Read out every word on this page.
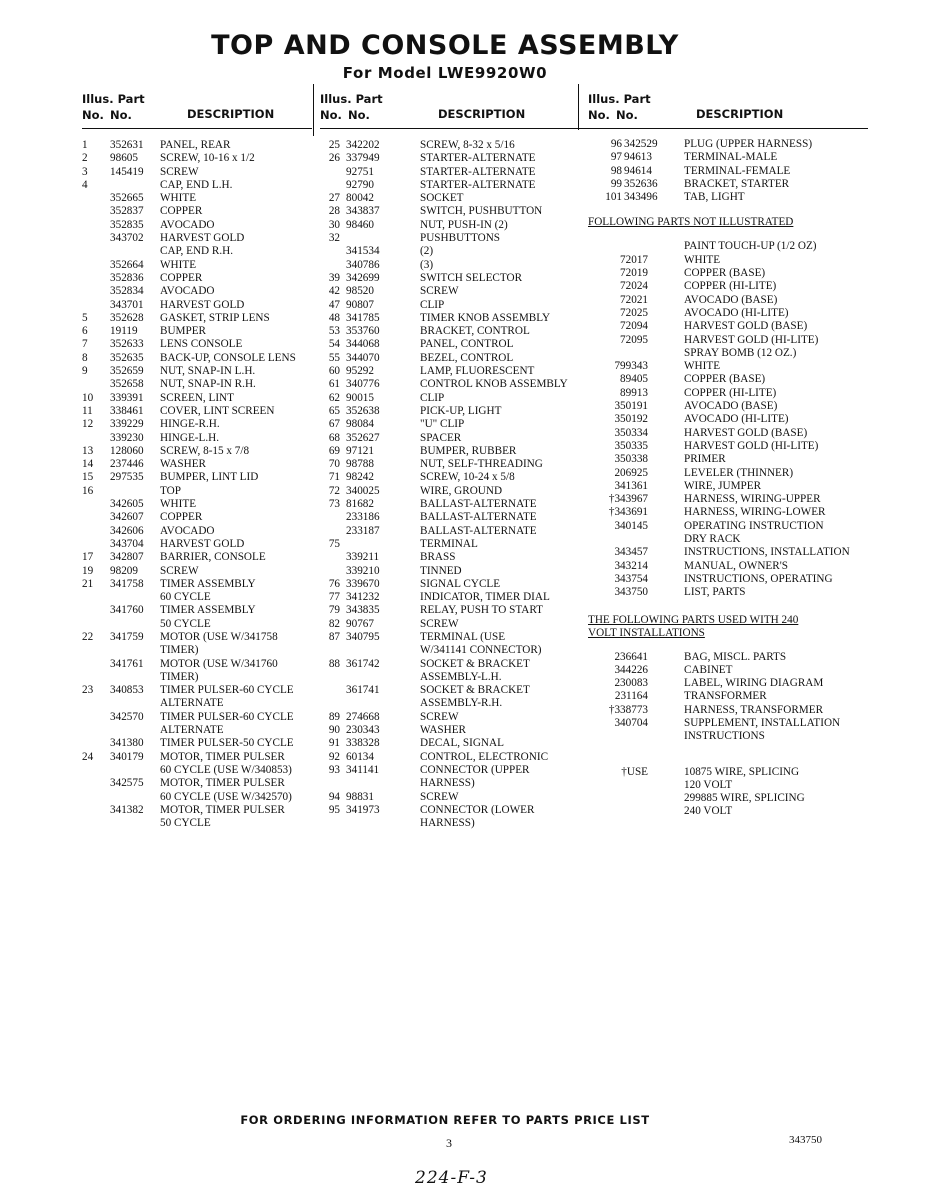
TOP AND CONSOLE ASSEMBLY
For Model LWE9920W0
Illus. Part
No. No.	DESCRIPTION
1	352631 PANEL, REAR
2	98605 SCREW, 10-16 x 1/2
3	145419 SCREW
4	CAP, END L.H.
352665 WHITE
352837 COPPER
352835 AVOCADO
343702 HARVEST GOLD
CAP, END R.H.
352664 WHITE
352836 COPPER
352834 AVOCADO
343701 HARVEST GOLD
5	352628 GASKET, STRIP LENS
6	19119 BUMPER
7	352633 LENS CONSOLE
8	352635 BACK-UP, CONSOLE LENS
9	352659 NUT, SNAP-IN L.H.
352658 NUT, SNAP-IN R.H.
10	339391 SCREEN, LINT
11	338461 COVER, LINT SCREEN
12	339229 HINGE-R.H.
339230 HINGE-L.H.
13	128060 SCREW, 8-15 x 7/8
14	237446 WASHER
15	297535 BUMPER, LINT LID
16	TOP
342605 WHITE
342607 COPPER
342606 AVOCADO
343704 HARVEST GOLD
17	342807 BARRIER, CONSOLE
19	98209 SCREW
21	341758 TIMER ASSEMBLY
60 CYCLE
341760 TIMER ASSEMBLY
50 CYCLE
22	341759 MOTOR (USE W/341758
TIMER)
341761 MOTOR (USE W/341760
TIMER)
23	340853 TIMER PULSER-60 CYCLE
ALTERNATE
342570 TIMER PULSER-60 CYCLE
ALTERNATE
341380 TIMER PULSER-50 CYCLE
24	340179 MOTOR, TIMER PULSER
60 CYCLE (USE W/340853)
342575 MOTOR, TIMER PULSER
60 CYCLE (USE W/342570)
341382 MOTOR, TIMER PULSER
50 CYCLE
Illus. Part
No. No.	DESCRIPTION
25 342202	SCREW, 8-32 x 5/16
26 337949	STARTER-ALTERNATE
92751	STARTER-ALTERNATE
92790	STARTER-ALTERNATE
27 80042	SOCKET
28 343837	SWITCH, PUSHBUTTON
30 98460	NUT, PUSH-IN (2)
32	PUSHBUTTONS
341534	(2)
340786	(3)
39 342699	SWITCH SELECTOR
42 98520	SCREW
47 90807	CLIP
48 341785	TIMER KNOB ASSEMBLY
53 353760	BRACKET, CONTROL
54 344068	PANEL, CONTROL
55 344070	BEZEL, CONTROL
60 95292	LAMP, FLUORESCENT
61 340776	CONTROL KNOB ASSEMBLY
62 90015	CLIP
65 352638	PICK-UP, LIGHT
67 98084	"U" CLIP
68 352627	SPACER
69 97121	BUMPER, RUBBER
70 98788	NUT, SELF-THREADING
71 98242	SCREW, 10-24 x 5/8
72 340025	WIRE, GROUND
73 81682	BALLAST-ALTERNATE
233186	BALLAST-ALTERNATE
233187	BALLAST-ALTERNATE
75	TERMINAL
339211	BRASS
339210	TINNED
76 339670	SIGNAL CYCLE
77 341232	INDICATOR, TIMER DIAL
79 343835	RELAY, PUSH TO START
82 90767	SCREW
87 340795	TERMINAL (USE
W/341141 CONNECTOR)
88 361742	SOCKET & BRACKET
ASSEMBLY-L.H.
361741	SOCKET & BRACKET
ASSEMBLY-R.H.
89 274668	SCREW
90 230343	WASHER
91 338328	DECAL, SIGNAL
92 60134	CONTROL, ELECTRONIC
93 341141	CONNECTOR (UPPER
HARNESS)
94 98831	SCREW
95 341973	CONNECTOR (LOWER
HARNESS)
Illus. Part
No. No.	DESCRIPTION
96 342529 PLUG (UPPER HARNESS)
97 94613	TERMINAL-MALE
98 94614	TERMINAL-FEMALE
99 352636 BRACKET, STARTER
101 343496 TAB, LIGHT
FOLLOWING PARTS NOT ILLUSTRATED
PAINT TOUCH-UP (1/2 OZ)
72017	WHITE
72019	COPPER (BASE)
72024	COPPER (HI-LITE)
72021	AVOCADO (BASE)
72025	AVOCADO (HI-LITE)
72094	HARVEST GOLD (BASE)
72095	HARVEST GOLD (HI-LITE)
SPRAY BOMB (12 OZ.)
799343	WHITE
89405	COPPER (BASE)
89913	COPPER (HI-LITE)
350191	AVOCADO (BASE)
350192	AVOCADO (HI-LITE)
350334	HARVEST GOLD (BASE)
350335	HARVEST GOLD (HI-LITE)
350338	PRIMER
206925	LEVELER (THINNER)
341361	WIRE, JUMPER
†343967	HARNESS, WIRING-UPPER
†343691	HARNESS, WIRING-LOWER
340145	OPERATING INSTRUCTION
DRY RACK
343457	INSTRUCTIONS, INSTALLATION
343214	MANUAL, OWNER'S
343754	INSTRUCTIONS, OPERATING
343750	LIST, PARTS
THE FOLLOWING PARTS USED WITH 240 VOLT INSTALLATIONS
236641	BAG, MISCL. PARTS
344226	CABINET
230083	LABEL, WIRING DIAGRAM
231164	TRANSFORMER
†338773	HARNESS, TRANSFORMER
340704	SUPPLEMENT, INSTALLATION
INSTRUCTIONS
†USE	10875 WIRE, SPLICING
120 VOLT
299885 WIRE, SPLICING
240 VOLT
FOR ORDERING INFORMATION REFER TO PARTS PRICE LIST
3	343750
224-F-3
